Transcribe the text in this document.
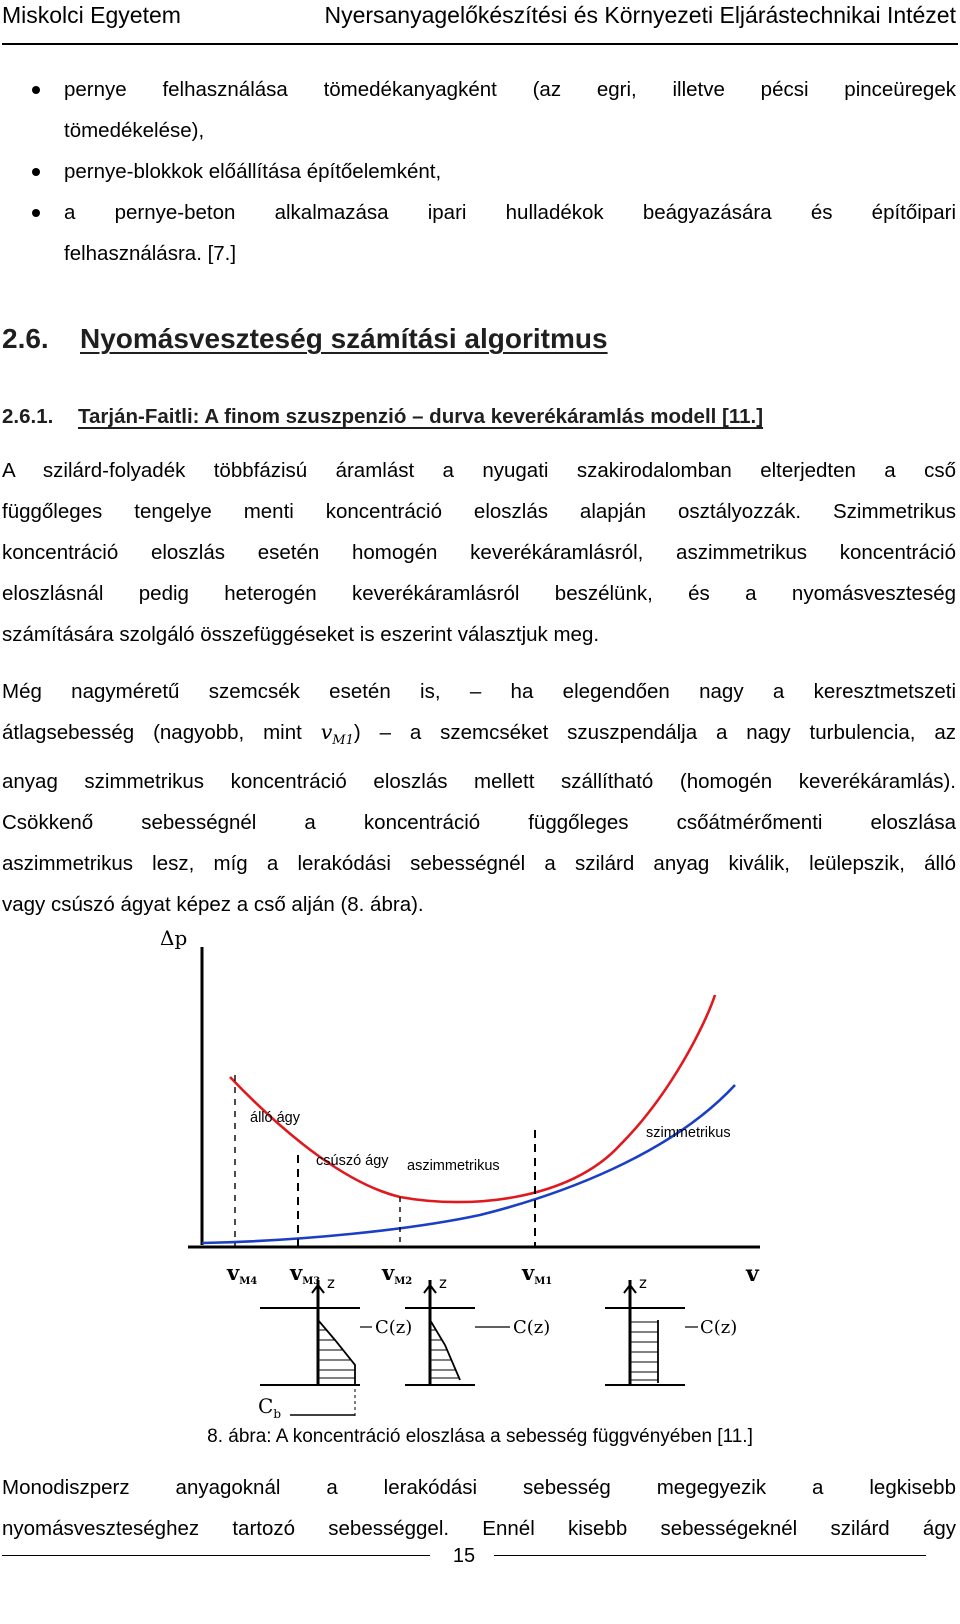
Miskolci Egyetem	Nyersanyagelőkészítési és Környezeti Eljárástechnikai Intézet
pernye felhasználása tömedékanyagként (az egri, illetve pécsi pinceüregek
tömedékelése),
pernye-blokkok előállítása építőelemként,
a pernye-beton alkalmazása ipari hulladékok beágyazására és építőipari
felhasználásra. [7.]
2.6. Nyomásveszteség számítási algoritmus
2.6.1. Tarján-Faitli: A finom szuszpenzió – durva keverékáramlás modell [11.]
A szilárd-folyadék többfázisú áramlást a nyugati szakirodalomban elterjedten a cső
függőleges tengelye menti koncentráció eloszlás alapján osztályozzák. Szimmetrikus
koncentráció eloszlás esetén homogén keverékáramlásról, aszimmetrikus koncentráció
eloszlásnál pedig heterogén keverékáramlásról beszélünk, és a nyomásveszteség
számítására szolgáló összefüggéseket is eszerint választjuk meg.
Még nagyméretű szemcsék esetén is, – ha elegendően nagy a keresztmetszeti
átlagsebesség (nagyobb, mint $v_{M1}$) – a szemcséket szuszpendálja a nagy turbulencia, az
anyag szimmetrikus koncentráció eloszlás mellett szállítható (homogén keverékáramlás).
Csökkenő sebességnél a koncentráció függőleges csőátmérőmenti eloszlása
aszimmetrikus lesz, míg a lerakódási sebességnél a szilárd anyag kiválik, leülepszik, álló
vagy csúszó ágyat képez a cső alján (8. ábra).
Δp
v
álló ágy
csúszó ágy aszimmetrikus
szimmetrikus
vM4 vM3	vM2	vM1
z
$C_b$
C(z)
z
C(z)
z
C(z)
8. ábra: A koncentráció eloszlása a sebesség függvényében [11.]
Monodiszperz anyagoknál a lerakódási sebesség megegyezik a legkisebb
nyomásveszteséghez tartozó sebességgel. Ennél kisebb sebességeknél szilárd ágy
15
